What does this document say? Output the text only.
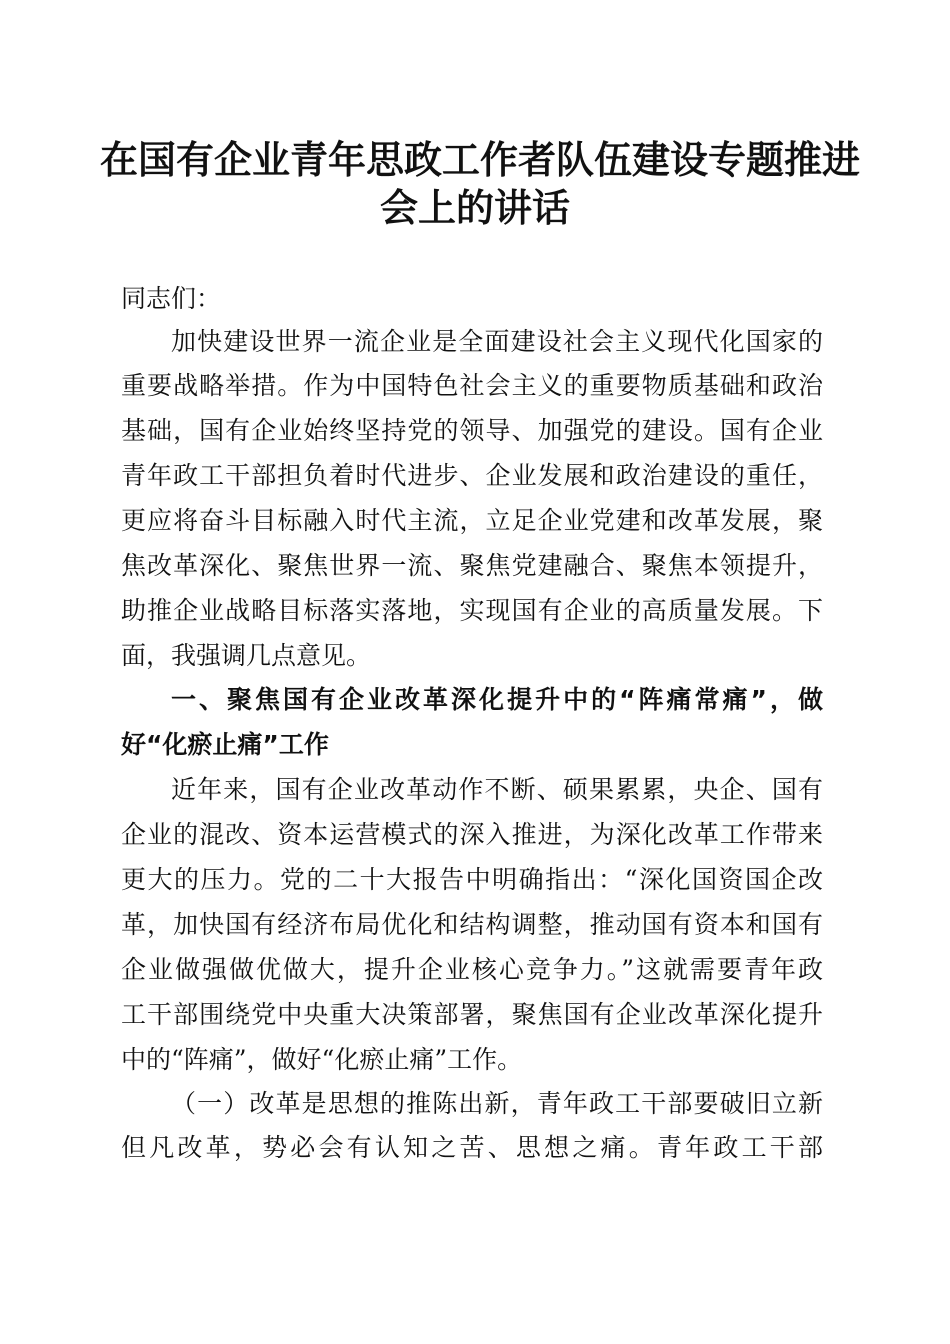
在国有企业青年思政工作者队伍建设专题推进
会上的讲话
同志们：
加快建设世界一流企业是全面建设社会主义现代化国家的
重要战略举措。作为中国特色社会主义的重要物质基础和政治
基础，国有企业始终坚持党的领导、加强党的建设。国有企业
青年政工干部担负着时代进步、企业发展和政治建设的重任，
更应将奋斗目标融入时代主流，立足企业党建和改革发展，聚
焦改革深化、聚焦世界一流、聚焦党建融合、聚焦本领提升，
助推企业战略目标落实落地，实现国有企业的高质量发展。下
面，我强调几点意见。
一、聚焦国有企业改革深化提升中的“阵痛常痛”，做
好“化瘀止痛”工作
近年来，国有企业改革动作不断、硕果累累，央企、国有
企业的混改、资本运营模式的深入推进，为深化改革工作带来
更大的压力。党的二十大报告中明确指出：“深化国资国企改
革，加快国有经济布局优化和结构调整，推动国有资本和国有
企业做强做优做大，提升企业核心竞争力。”这就需要青年政
工干部围绕党中央重大决策部署，聚焦国有企业改革深化提升
中的“阵痛”，做好“化瘀止痛”工作。
（一）改革是思想的推陈出新，青年政工干部要破旧立新
但凡改革，势必会有认知之苦、思想之痛。青年政工干部
